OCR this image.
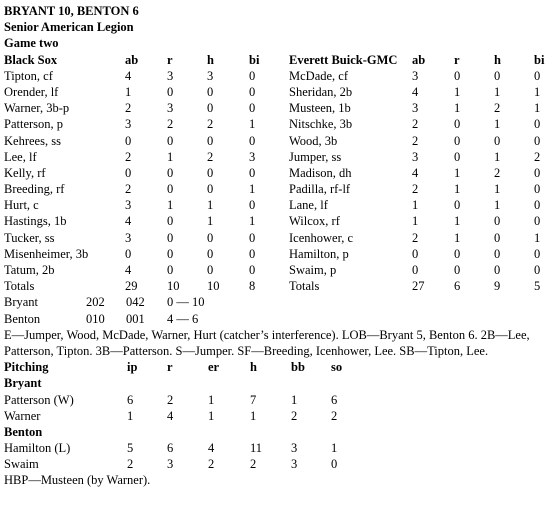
BRYANT 10, BENTON 6
Senior American Legion
Game two
Black Sox	ab r	h	bi Everett Buick-GMC ab r	h	bi
Tipton, cf	4	3	3	0	McDade, cf	3	0	0	0
Orender, lf	1	0	0	0	Sheridan, 2b	4	1	1	1
Warner, 3b-p	2	3	0	0	Musteen, 1b	3	1	2	1
Patterson, p	3	2	2	1	Nitschke, 3b	2	0	1	0
Kehrees, ss	0	0	0	0	Wood, 3b	2	0	0	0
Lee, lf	2	1	2	3	Jumper, ss	3	0	1	2
Kelly, rf	0	0	0	0	Madison, dh	4	1	2	0
Breeding, rf	2	0	0	1	Padilla, rf-lf	2	1	1	0
Hurt, c	3	1	1	0	Lane, lf	1	0	1	0
Hastings, 1b	4	0	1	1	Wilcox, rf	1	1	0	0
Tucker, ss	3	0	0	0	Icenhower, c	2	1	0	1
Misenheimer, 3b	0	0	0	0	Hamilton, p	0	0	0	0
Tatum, 2b	4	0	0	0	Swaim, p	0	0	0	0
Totals	29 10 10 8	Totals	27 6	9	5
Bryant	202 042 0 — 10
Benton	010 001 4 — 6
E—Jumper, Wood, McDade, Warner, Hurt (catcher’s interference). LOB—Bryant 5, Benton 6. 2B—Lee, Patterson, Tipton. 3B—Patterson. S—Jumper. SF—Breeding, Icenhower, Lee. SB—Tipton, Lee.
Pitching	ip r	er h	bb so
Bryant
Patterson (W)	6	2	1	7	1	6
Warner	1	4	1	1	2	2
Benton
Hamilton (L)	5	6	4	11 3	1
Swaim	2	3	2	2	3	0
HBP—Musteen (by Warner).
